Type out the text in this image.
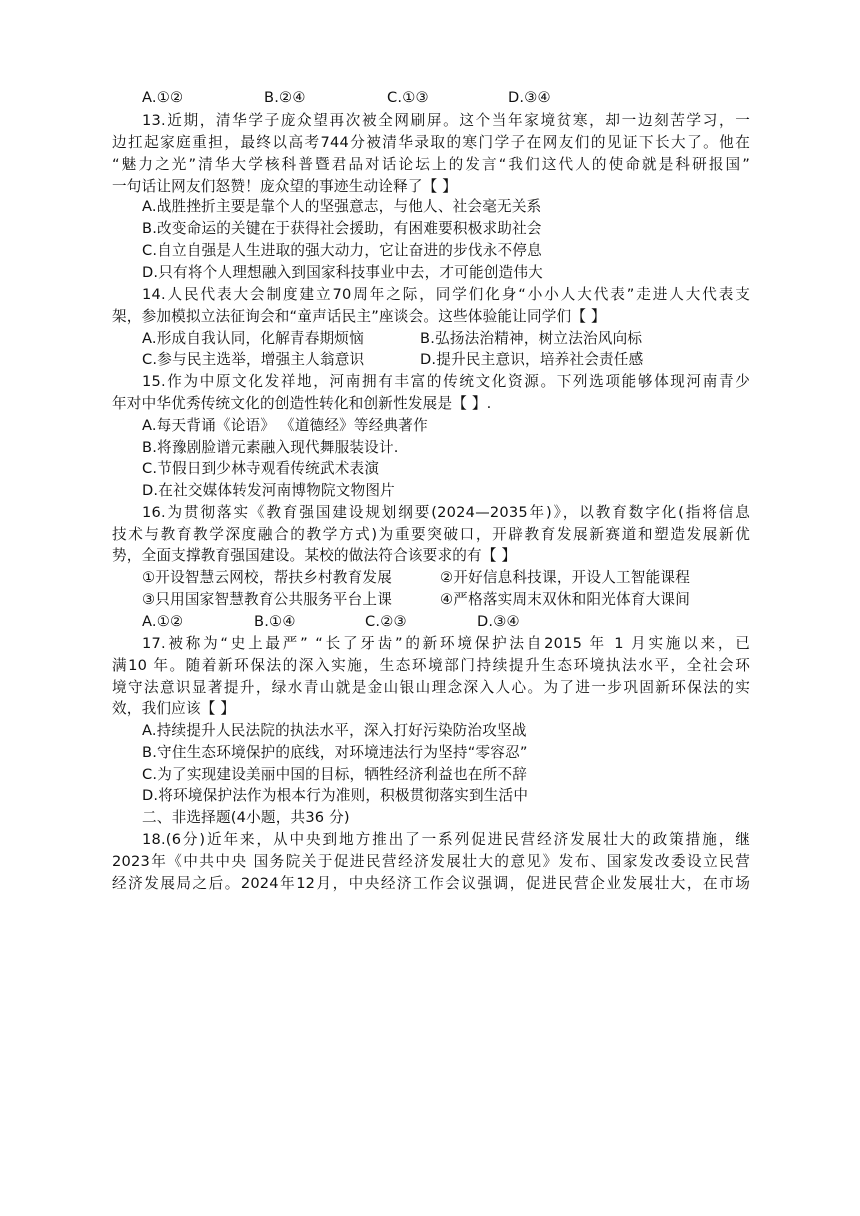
A.①②	B.②④	C.①③	D.③④
13.近期，清华学子庞众望再次被全网刷屏。这个当年家境贫寒，却一边刻苦学习，一
边扛起家庭重担，最终以高考744分被清华录取的寒门学子在网友们的见证下长大了。他在
“魅力之光”清华大学核科普暨君品对话论坛上的发言“我们这代人的使命就是科研报国”
一句话让网友们怒赞！庞众望的事迹生动诠释了【 】
A.战胜挫折主要是靠个人的坚强意志，与他人、社会毫无关系
B.改变命运的关键在于获得社会援助，有困难要积极求助社会
C.自立自强是人生进取的强大动力，它让奋进的步伐永不停息
D.只有将个人理想融入到国家科技事业中去，才可能创造伟大
14.人民代表大会制度建立70周年之际，同学们化身“小小人大代表”走进人大代表支
架，参加模拟立法征询会和“童声话民主”座谈会。这些体验能让同学们【 】
A.形成自我认同，化解青春期烦恼	B.弘扬法治精神，树立法治风向标
C.参与民主选举，增强主人翁意识	D.提升民主意识，培养社会责任感
15.作为中原文化发祥地，河南拥有丰富的传统文化资源。下列选项能够体现河南青少
年对中华优秀传统文化的创造性转化和创新性发展是【 】.
A.每天背诵《论语》 《道德经》等经典著作
B.将豫剧脸谱元素融入现代舞服装设计.
C.节假日到少林寺观看传统武术表演
D.在社交媒体转发河南博物院文物图片
16.为贯彻落实《教育强国建设规划纲要(2024—2035年)》，以教育数字化(指将信息
技术与教育教学深度融合的教学方式)为重要突破口，开辟教育发展新赛道和塑造发展新优
势，全面支撑教育强国建设。某校的做法符合该要求的有【 】
①开设智慧云网校，帮扶乡村教育发展	②开好信息科技课，开设人工智能课程
③只用国家智慧教育公共服务平台上课	④严格落实周末双休和阳光体育大课间
A.①②	B.①④	C.②③	D.③④
17.被称为“史上最严” “长了牙齿”的新环境保护法自2015 年 1 月实施以来，已
满10 年。随着新环保法的深入实施，生态环境部门持续提升生态环境执法水平，全社会环
境守法意识显著提升，绿水青山就是金山银山理念深入人心。为了进一步巩固新环保法的实
效，我们应该【 】
A.持续提升人民法院的执法水平，深入打好污染防治攻坚战
B.守住生态环境保护的底线，对环境违法行为坚持“零容忍”
C.为了实现建设美丽中国的目标，牺牲经济利益也在所不辞
D.将环境保护法作为根本行为准则，积极贯彻落实到生活中
二、非选择题(4小题，共36 分)
18.(6分)近年来，从中央到地方推出了一系列促进民营经济发展壮大的政策措施，继
2023年《中共中央 国务院关于促进民营经济发展壮大的意见》发布、国家发改委设立民营
经济发展局之后。2024年12月，中央经济工作会议强调，促进民营企业发展壮大，在市场
